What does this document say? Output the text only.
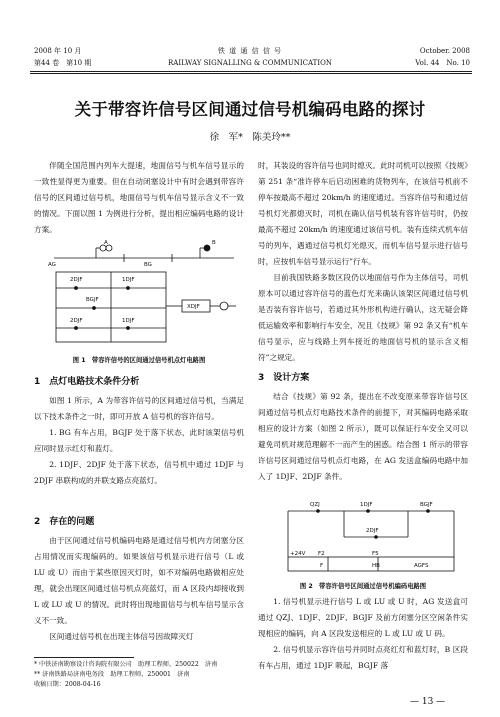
2008 年 10 月
第44 卷　第10 期
铁 道 通 信 信 号
RAILWAY SIGNALLING & COMMUNICATION
October. 2008
Vol. 44　No. 10
关于带容许信号区间通过信号机编码电路的探讨
徐　军*　陈美玲**

伴随全国范围内列车大提速，地面信号与机车信号显示的一致性显得更为重要。但在自动闭塞设计中有时会遇到带容许信号的区间通过信号机，地面信号与机车信号显示含义不一致的情况。下面以图 1 为例进行分析，提出相应编码电路的设计方案。

AG
A
BG
B
2DJF	1DJF
BGJF
2DJF	1DJF
XDJF
图 1　带容许信号的区间通过信号机点灯电路图
1　点灯电路技术条件分析

如图 1 所示，A 为带容许信号的区间通过信号机，当满足以下技术条件之一时，即可开放 A 信号机的容许信号。

1. BG 有车占用，BGJF 处于落下状态，此时该架信号机应同时显示红灯和蓝灯。

2. 1DJF、2DJF 处于落下状态，信号机中通过 1DJF 与 2DJF 串联构成的并联支路点亮蓝灯。

2　存在的问题

由于区间通过信号机编码电路是通过信号机内方闭塞分区占用情况而实现编码的。如果该信号机显示进行信号（L 或 LU 或 U）而由于某些原因灭灯时，如不对编码电路做相应处理，就会出现区间通过信号机点亮蓝灯，而 A 区段内却接收到 L 或 LU 或 U 的情况。此时将出现地面信号与机车信号显示含义不一致。

区间通过信号机在出现主体信号因故障灭灯

* 中铁济南勘察设计咨询院有限公司　助理工程师，250022　济南
** 济南铁路局济南电务段　助理工程师，250001　济南
收稿日期：2008-04-16

时，其装设的容许信号也同时熄灭。此时司机可以按照《技规》第 251 条“准许停车后启动困难的货物列车，在该信号机前不停车按最高不超过 20km/h 的速度通过。当容许信号和通过信号机灯光都熄灭时，司机在确认信号机装有容许信号时，仍按最高不超过 20km/h 的速度通过该信号机。装有连续式机车信号的列车，遇通过信号机灯光熄灭，而机车信号显示进行信号时，应按机车信号显示运行”行车。

目前我国铁路多数区段仍以地面信号作为主体信号，司机原本可以通过容许信号的蓝色灯光来确认该架区间通过信号机是否装有容许信号，若通过其外形机构进行确认，这无疑会降低运输效率和影响行车安全，况且《技规》第 92 条又有“机车信号显示，应与线路上列车接近的地面信号机的显示含义相符”之规定。

3　设计方案

结合《技规》第 92 条，提出在不改变原来带容许信号区间通过信号机点灯电路技术条件的前提下，对其编码电路采取相应的设计方案（如图 2 所示），既可以保证行车安全又可以避免司机对规范理解不一而产生的困惑。结合图 1 所示的带容许信号区间通过信号机点灯电路，在 AG 发送盒编码电路中加入了 1DJF、2DJF 条件。

QZJ	1DJF
2DJF
BGJF
+24V F2
F
F5
HB	AGFS
图 2　带容许信号区间通过信号机编码电路图

1. 信号机显示进行信号 L 或 LU 或 U 时，AG 发送盒可通过 QZJ、1DJF、2DJF、BGJF 及前方闭塞分区空闲条件实现相应的编码，向 A 区段发送相应的 L 或 LU 或 U 码。

2. 信号机显示容许信号并同时点亮红灯和蓝灯时，B 区段有车占用，通过 1DJF 吸起，BGJF 落

— 13 —
